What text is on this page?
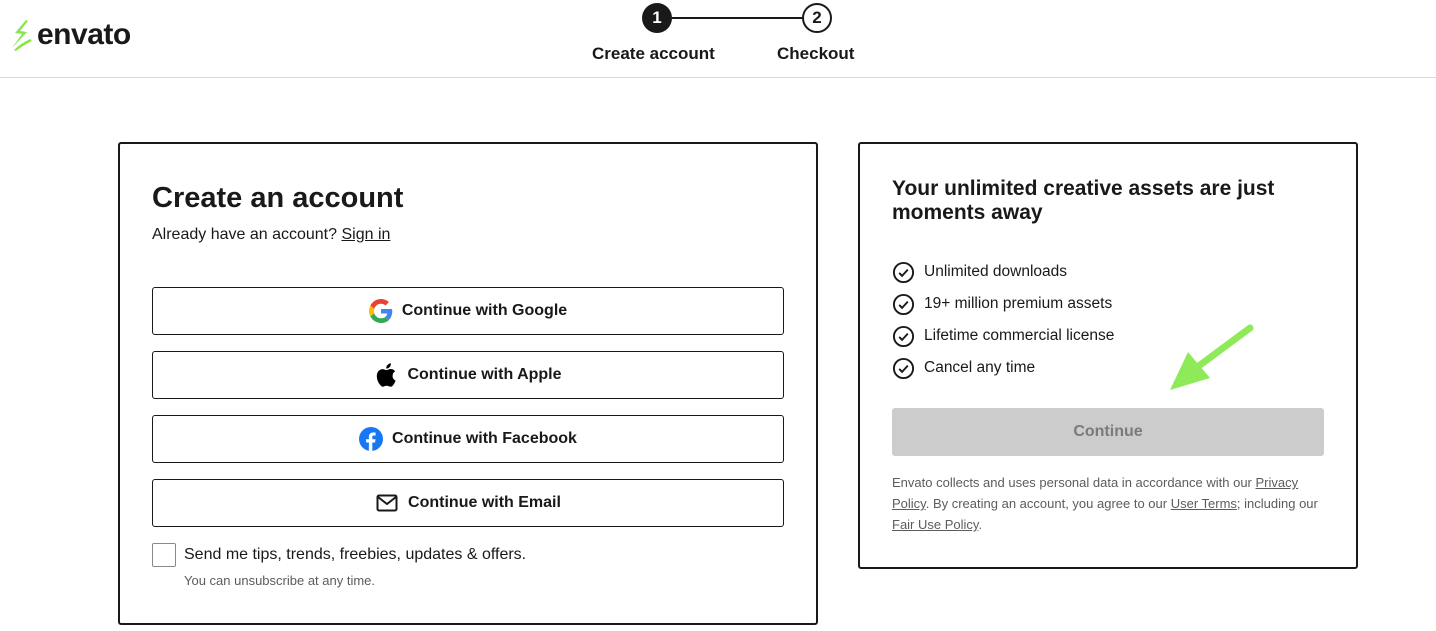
envato
1	2
Create account	Checkout
Create an account
Already have an account? Sign in
Continue with Google
Continue with Apple
Continue with Facebook
Continue with Email
Send me tips, trends, freebies, updates & offers.
You can unsubscribe at any time.
Your unlimited creative assets are just moments away
Unlimited downloads
19+ million premium assets
Lifetime commercial license
Cancel any time
Continue

Envato collects and uses personal data in accordance with our Privacy Policy. By creating an account, you agree to our User Terms; including our Fair Use Policy.
